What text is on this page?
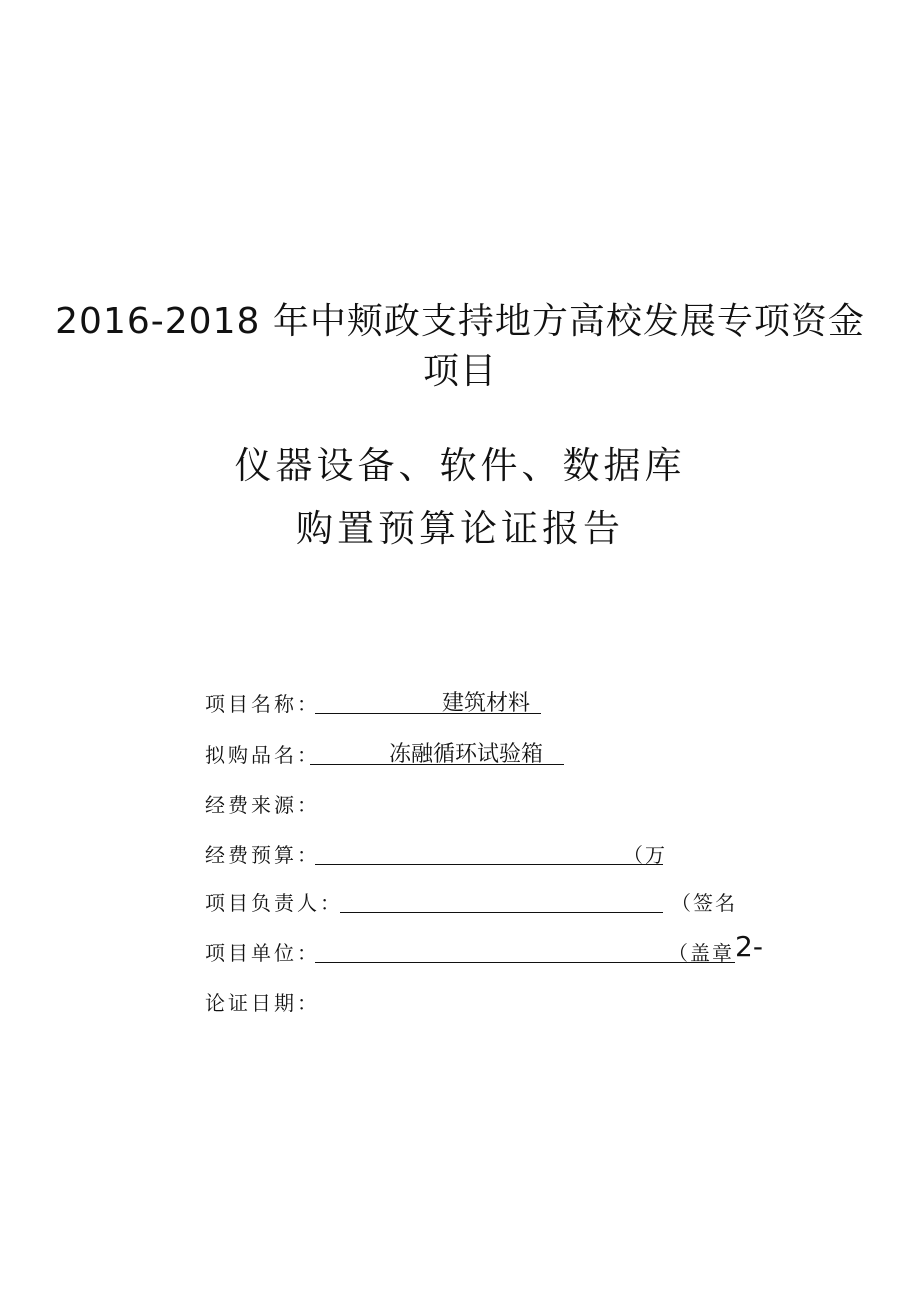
2016-2018 年中颊政支持地方高校发展专项资金
项目
仪器设备、软件、数据库
购置预算论证报告
项目名称：	建筑材料
拟购品名：	冻融循环试验箱
经费来源：
经费预算：	（万
项目负责人：	（签名
项目单位：	（盖章 2-
论证日期：
